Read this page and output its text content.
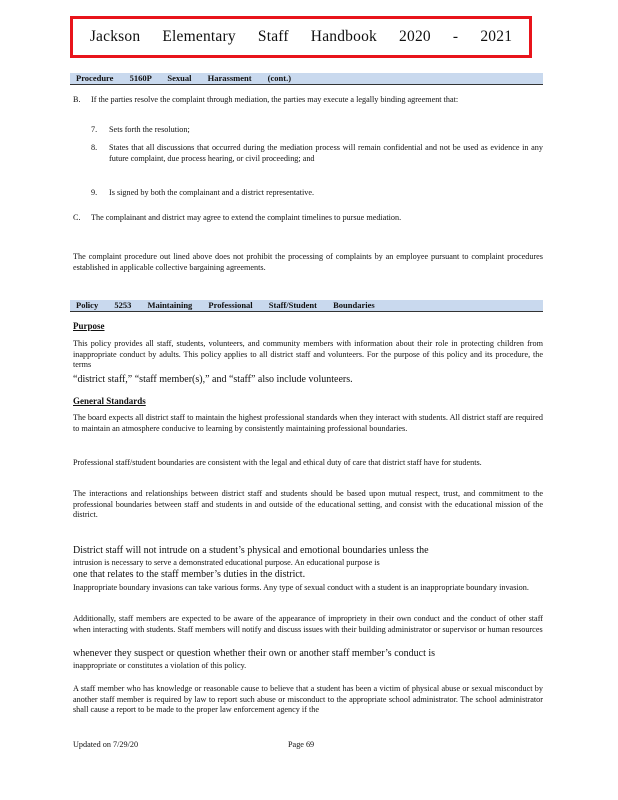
Jackson Elementary Staff Handbook 2020 - 2021
Procedure 5160P Sexual Harassment (cont.)
B. If the parties resolve the complaint through mediation, the parties may execute a legally binding agreement that:
7. Sets forth the resolution;
8. States that all discussions that occurred during the mediation process will remain confidential and not be used as evidence in any future complaint, due process hearing, or civil proceeding; and
9. Is signed by both the complainant and a district representative.
C. The complainant and district may agree to extend the complaint timelines to pursue mediation.
The complaint procedure out lined above does not prohibit the processing of complaints by an employee pursuant to complaint procedures established in applicable collective bargaining agreements.
Policy 5253 Maintaining Professional Staff/Student Boundaries
Purpose
This policy provides all staff, students, volunteers, and community members with information about their role in protecting children from inappropriate conduct by adults. This policy applies to all district staff and volunteers. For the purpose of this policy and its procedure, the terms
“district staff,” “staff member(s),” and “staff” also include volunteers.
General Standards
The board expects all district staff to maintain the highest professional standards when they interact with students. All district staff are required to maintain an atmosphere conducive to learning by consistently maintaining professional boundaries.
Professional staff/student boundaries are consistent with the legal and ethical duty of care that district staff have for students.
The interactions and relationships between district staff and students should be based upon mutual respect, trust, and commitment to the professional boundaries between staff and students in and outside of the educational setting, and consist with the educational mission of the district.
District staff will not intrude on a student’s physical and emotional boundaries unless the
intrusion is necessary to serve a demonstrated educational purpose. An educational purpose is
one that relates to the staff member’s duties in the district.
Inappropriate boundary invasions can take various forms. Any type of sexual conduct with a student is an inappropriate boundary invasion.
Additionally, staff members are expected to be aware of the appearance of impropriety in their own conduct and the conduct of other staff when interacting with students. Staff members will notify and discuss issues with their building administrator or supervisor or human resources
whenever they suspect or question whether their own or another staff member’s conduct is
inappropriate or constitutes a violation of this policy.
A staff member who has knowledge or reasonable cause to believe that a student has been a victim of physical abuse or sexual misconduct by another staff member is required by law to report such abuse or misconduct to the appropriate school administrator. The school administrator shall cause a report to be made to the proper law enforcement agency if the
Updated on 7/29/20	Page 69
